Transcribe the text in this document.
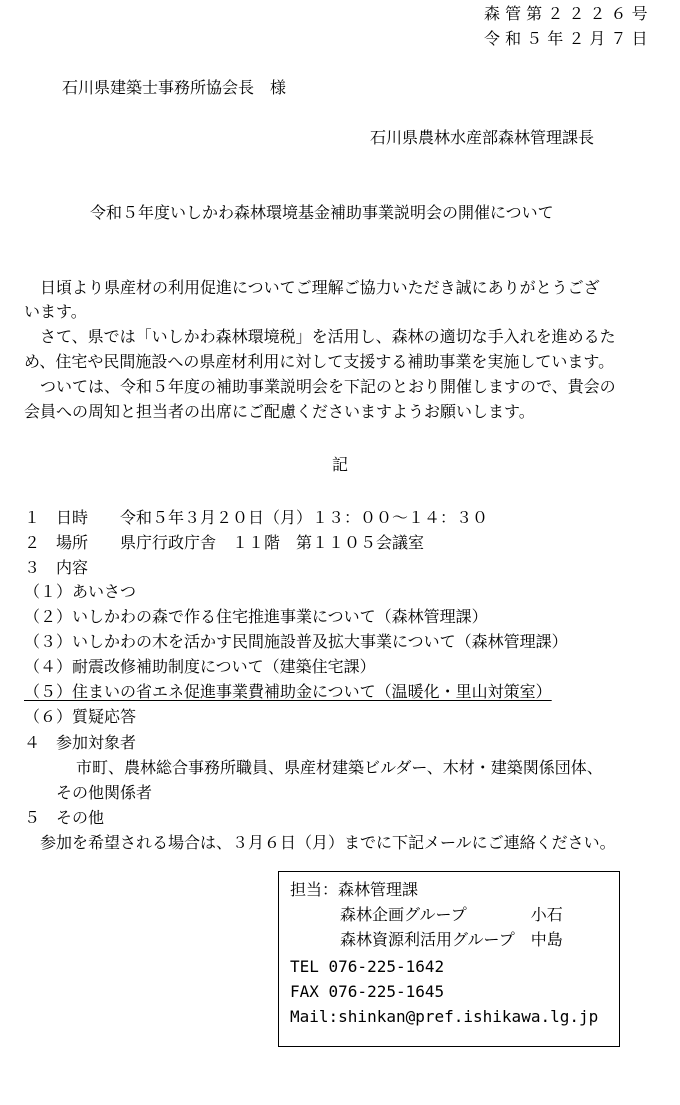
森 管 第 ２ ２ ２ ６ 号
令 和 ５ 年 ２ 月 ７ 日
石川県建築士事務所協会長　様
石川県農林水産部森林管理課長
令和５年度いしかわ森林環境基金補助事業説明会の開催について
　日頃より県産材の利用促進についてご理解ご協力いただき誠にありがとうござ
います。
　さて、県では「いしかわ森林環境税」を活用し、森林の適切な手入れを進めるた
め、住宅や民間施設への県産材利用に対して支援する補助事業を実施しています。
　ついては、令和５年度の補助事業説明会を下記のとおり開催しますので、貴会の
会員への周知と担当者の出席にご配慮くださいますようお願いします。
記
１　日時　　令和５年３月２０日（月）１３：００～１４：３０
２　場所　　県庁行政庁舎　１１階　第１１０５会議室
３　内容
（１）あいさつ
（２）いしかわの森で作る住宅推進事業について（森林管理課）
（３）いしかわの木を活かす民間施設普及拡大事業について（森林管理課）
（４）耐震改修補助制度について（建築住宅課）
（５）住まいの省エネ促進事業費補助金について（温暖化・里山対策室）
（６）質疑応答
４　参加対象者
市町、農林総合事務所職員、県産材建築ビルダー、木材・建築関係団体、
その他関係者
５　その他
参加を希望される場合は、３月６日（月）までに下記メールにご連絡ください。
担当：森林管理課
森林企画グループ　　　　小石
森林資源利活用グループ　中島
TEL 076-225-1642
FAX 076-225-1645
Mail:shinkan@pref.ishikawa.lg.jp
